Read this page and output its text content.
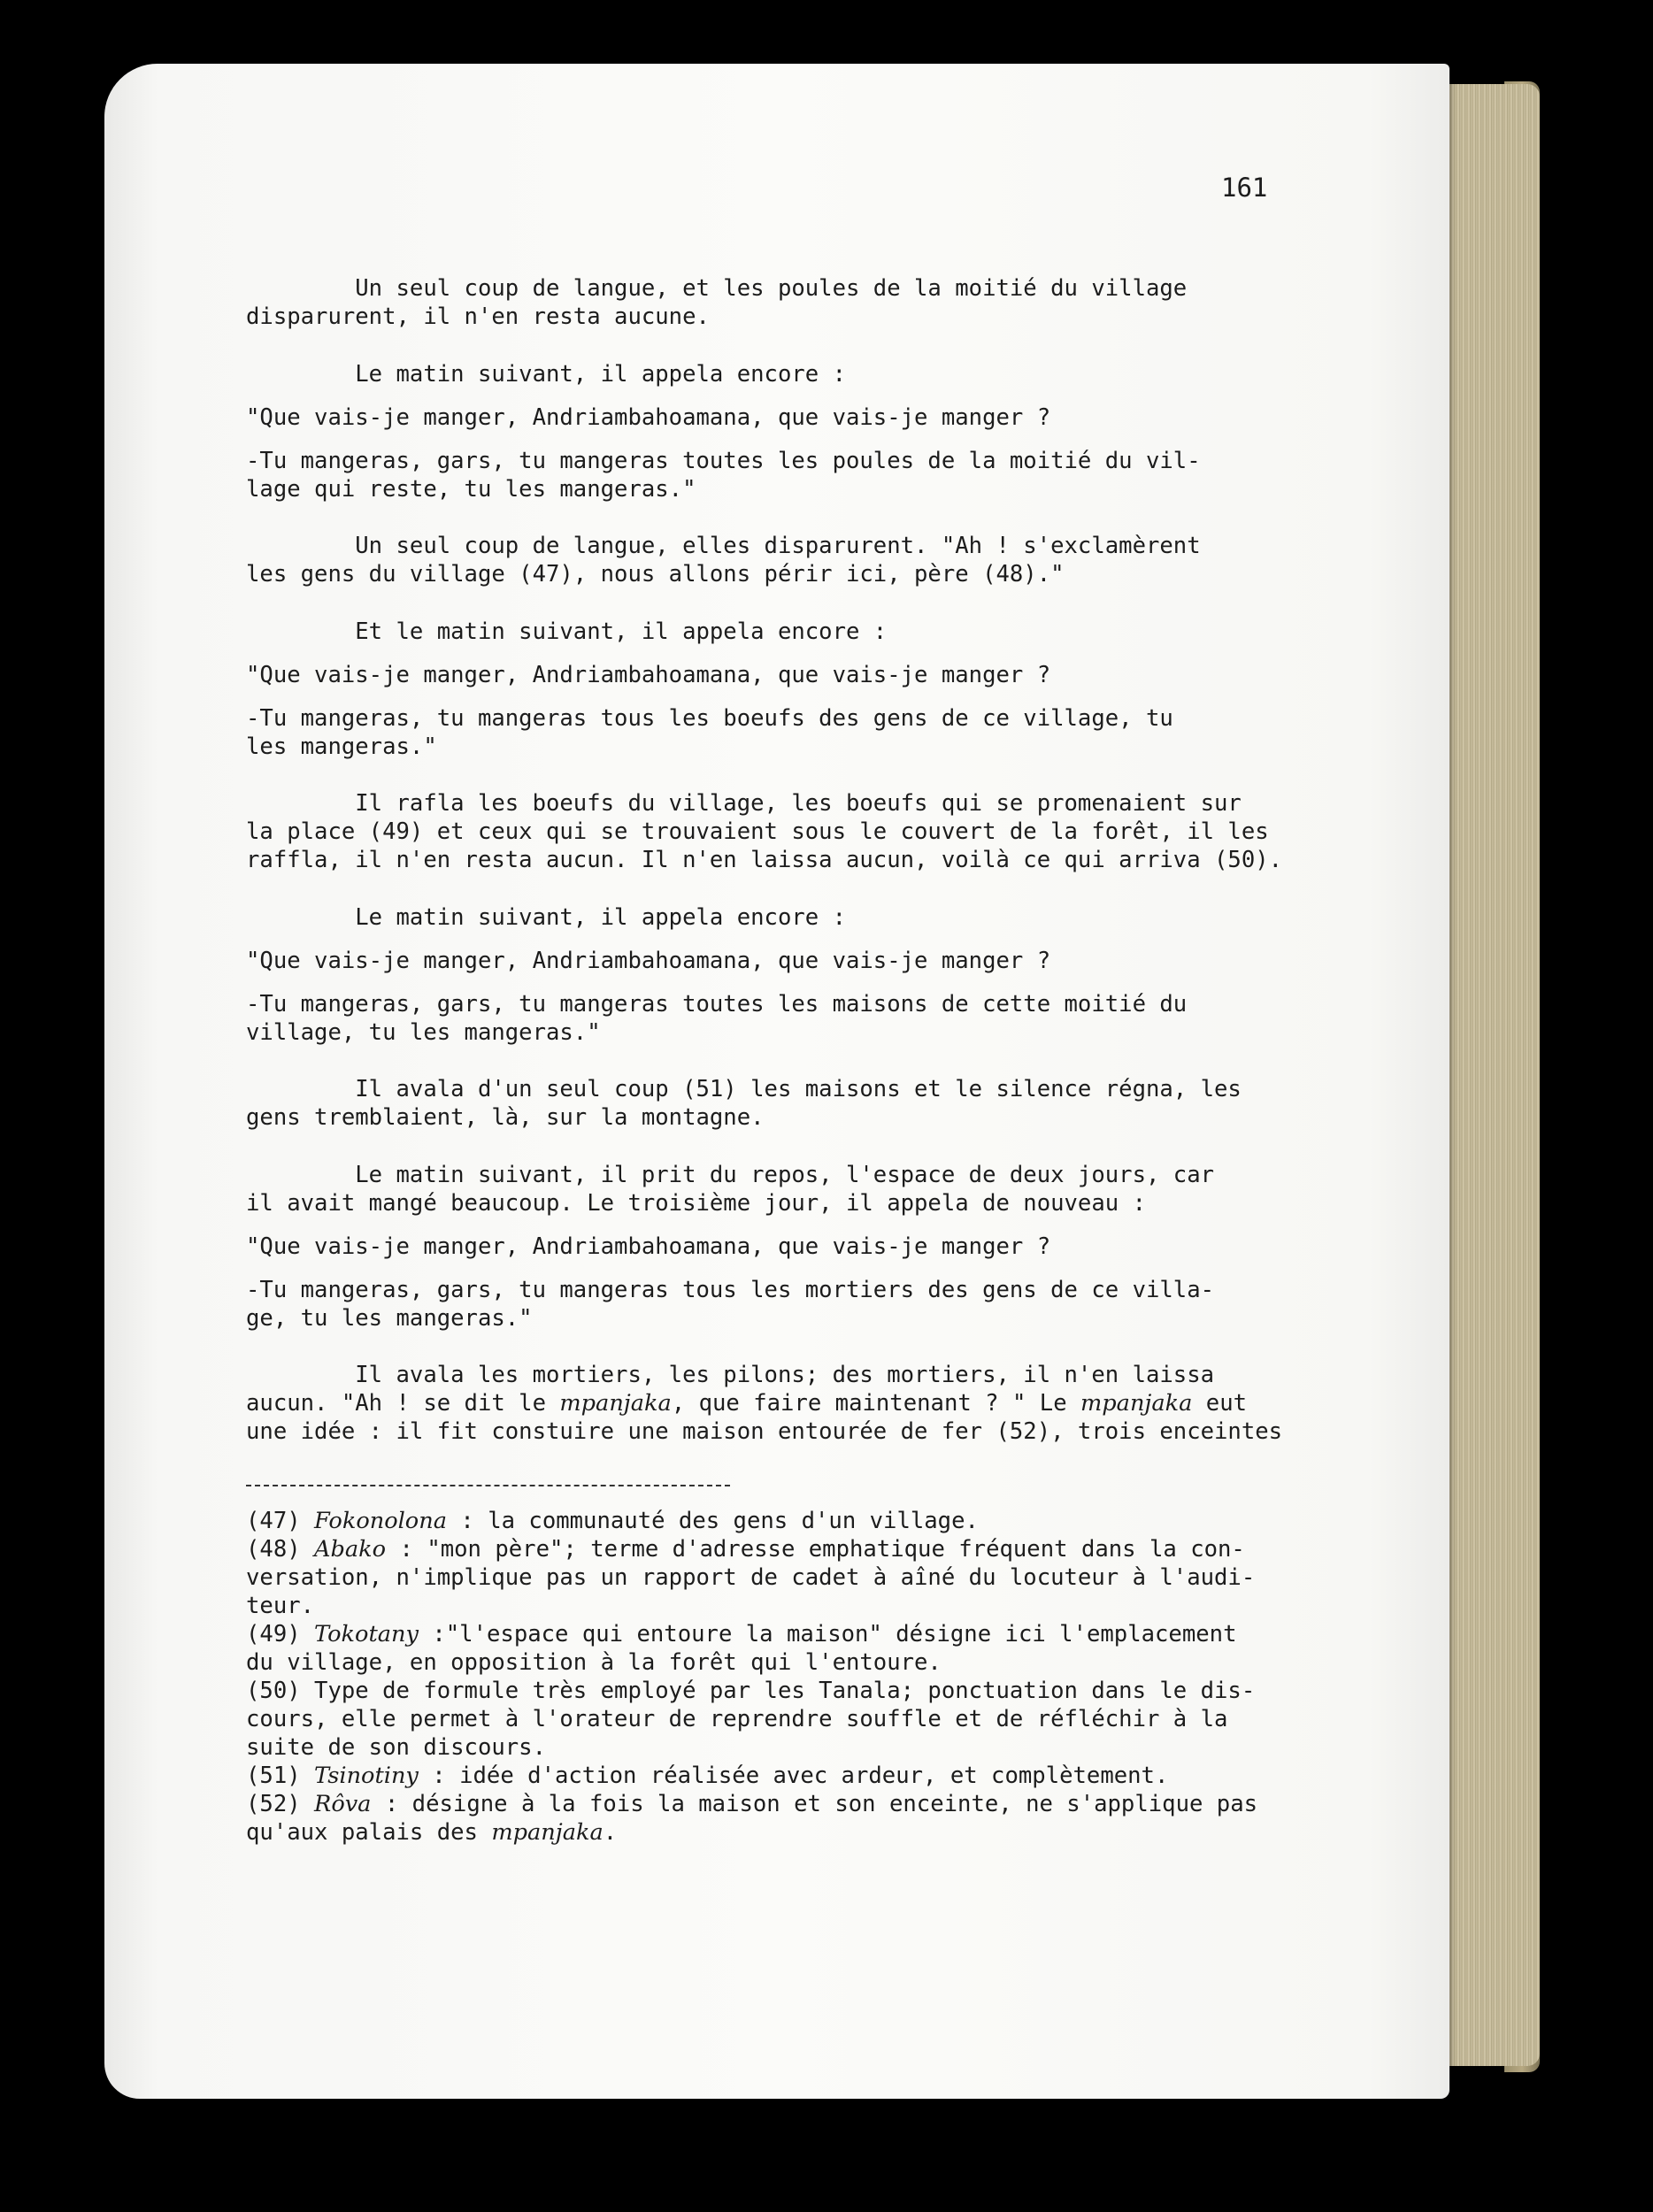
161
Un seul coup de langue, et les poules de la moitié du village
disparurent, il n'en resta aucune.
Le matin suivant, il appela encore :
"Que vais-je manger, Andriambahoamana, que vais-je manger ?
-Tu mangeras, gars, tu mangeras toutes les poules de la moitié du vil-
lage qui reste, tu les mangeras."
Un seul coup de langue, elles disparurent. "Ah ! s'exclamèrent
les gens du village (47), nous allons périr ici, père (48)."
Et le matin suivant, il appela encore :
"Que vais-je manger, Andriambahoamana, que vais-je manger ?
-Tu mangeras, tu mangeras tous les boeufs des gens de ce village, tu
les mangeras."
Il rafla les boeufs du village, les boeufs qui se promenaient sur
la place (49) et ceux qui se trouvaient sous le couvert de la forêt, il les
raffla, il n'en resta aucun. Il n'en laissa aucun, voilà ce qui arriva (50).
Le matin suivant, il appela encore :
"Que vais-je manger, Andriambahoamana, que vais-je manger ?
-Tu mangeras, gars, tu mangeras toutes les maisons de cette moitié du
village, tu les mangeras."
Il avala d'un seul coup (51) les maisons et le silence régna, les
gens tremblaient, là, sur la montagne.
Le matin suivant, il prit du repos, l'espace de deux jours, car
il avait mangé beaucoup. Le troisième jour, il appela de nouveau :
"Que vais-je manger, Andriambahoamana, que vais-je manger ?
-Tu mangeras, gars, tu mangeras tous les mortiers des gens de ce villa-
ge, tu les mangeras."
Il avala les mortiers, les pilons; des mortiers, il n'en laissa
aucun. "Ah ! se dit le mpanjaka, que faire maintenant ? " Le mpanjaka eut
une idée : il fit constuire une maison entourée de fer (52), trois enceintes
(47) Fokonolona : la communauté des gens d'un village.
(48) Abako : "mon père"; terme d'adresse emphatique fréquent dans la con-
versation, n'implique pas un rapport de cadet à aîné du locuteur à l'audi-
teur.
(49) Tokotany :"l'espace qui entoure la maison" désigne ici l'emplacement
du village, en opposition à la forêt qui l'entoure.
(50) Type de formule très employé par les Tanala; ponctuation dans le dis-
cours, elle permet à l'orateur de reprendre souffle et de réfléchir à la
suite de son discours.
(51) Tsinotiny : idée d'action réalisée avec ardeur, et complètement.
(52) Rôva : désigne à la fois la maison et son enceinte, ne s'applique pas
qu'aux palais des mpanjaka.
